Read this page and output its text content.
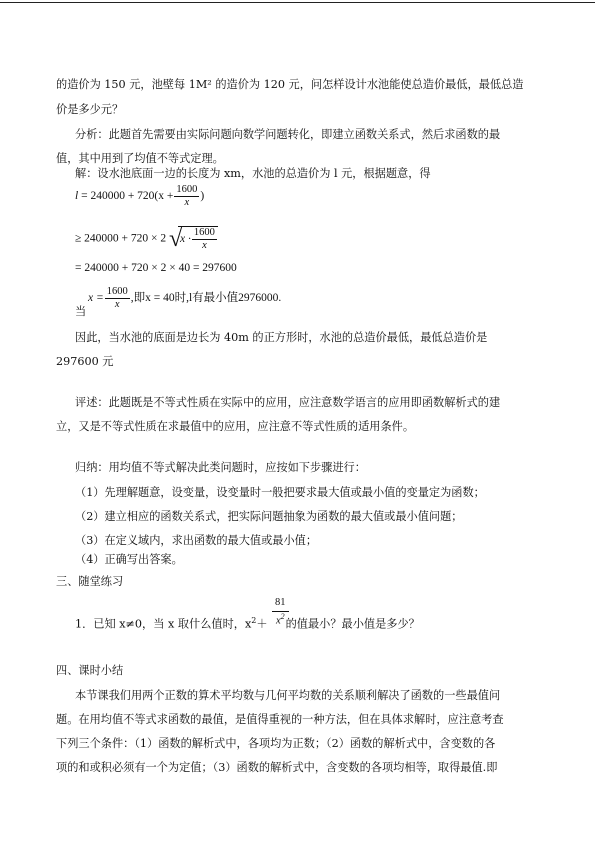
的造价为 150 元，池壁每 1M² 的造价为 120 元，问怎样设计水池能使总造价最低，最低总造
价是多少元？
分析：此题首先需要由实际问题向数学问题转化，即建立函数关系式，然后求函数的最
值，其中用到了均值不等式定理。
解：设水池底面一边的长度为 xm，水池的总造价为 l 元，根据题意，得
$l = 240000 + 720(x + \frac{1600}{x}$ )
≥ 240000 + 720 × 2 √
$x \cdot \frac{1600}{x}$
= 240000 + 720 × 2 × 40 = 297600
$x = \frac{1600}{x}$ ,即x = 40时,l有最小值2976000.
当
因此，当水池的底面是边长为 40m 的正方形时，水池的总造价最低，最低总造价是
297600 元
评述：此题既是不等式性质在实际中的应用，应注意数学语言的应用即函数解析式的建
立，又是不等式性质在求最值中的应用，应注意不等式性质的适用条件。
归纳：用均值不等式解决此类问题时，应按如下步骤进行：
（1）先理解题意，设变量，设变量时一般把要求最大值或最小值的变量定为函数；
（2）建立相应的函数关系式，把实际问题抽象为函数的最大值或最小值问题；
（3）在定义域内，求出函数的最大值或最小值；
（4）正确写出答案。
三、随堂练习
81
$x^2$
1．已知 x≠0，当 x 取什么值时，$x^2+$ 的值最小？最小值是多少？
四、课时小结
本节课我们用两个正数的算术平均数与几何平均数的关系顺利解决了函数的一些最值问
题。在用均值不等式求函数的最值，是值得重视的一种方法，但在具体求解时，应注意考查
下列三个条件：（1）函数的解析式中，各项均为正数；（2）函数的解析式中，含变数的各
项的和或积必须有一个为定值；（3）函数的解析式中，含变数的各项均相等，取得最值.即
